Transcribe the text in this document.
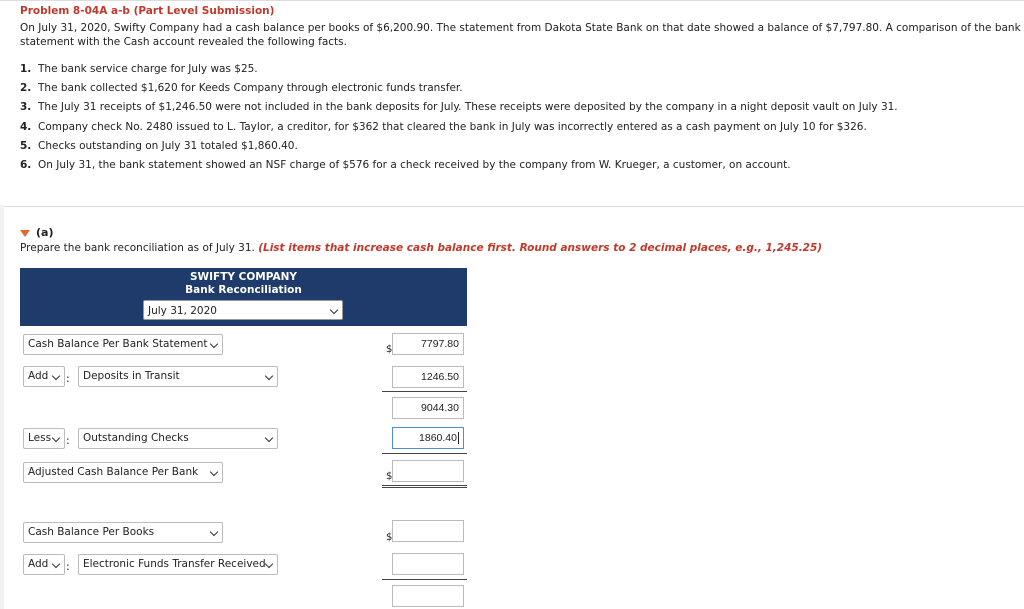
Problem 8-04A a-b (Part Level Submission)
On July 31, 2020, Swifty Company had a cash balance per books of $6,200.90. The statement from Dakota State Bank on that date showed a balance of $7,797.80. A comparison of the bank
statement with the Cash account revealed the following facts.
1. The bank service charge for July was $25.
2. The bank collected $1,620 for Keeds Company through electronic funds transfer.
3. The July 31 receipts of $1,246.50 were not included in the bank deposits for July. These receipts were deposited by the company in a night deposit vault on July 31.
4. Company check No. 2480 issued to L. Taylor, a creditor, for $362 that cleared the bank in July was incorrectly entered as a cash payment on July 10 for $326.
5. Checks outstanding on July 31 totaled $1,860.40.
6. On July 31, the bank statement showed an NSF charge of $576 for a check received by the company from W. Krueger, a customer, on account.
(a)
Prepare the bank reconciliation as of July 31. (List items that increase cash balance first. Round answers to 2 decimal places, e.g., 1,245.25)
SWIFTY COMPANY
Bank Reconciliation
July 31, 2020
Cash Balance Per Bank Statement	$	7797.80
Add	:	Deposits in Transit	1246.50
9044.30
Less	:	Outstanding Checks	1860.40
Adjusted Cash Balance Per Bank	$
Cash Balance Per Books	$
Add	:	Electronic Funds Transfer Received
